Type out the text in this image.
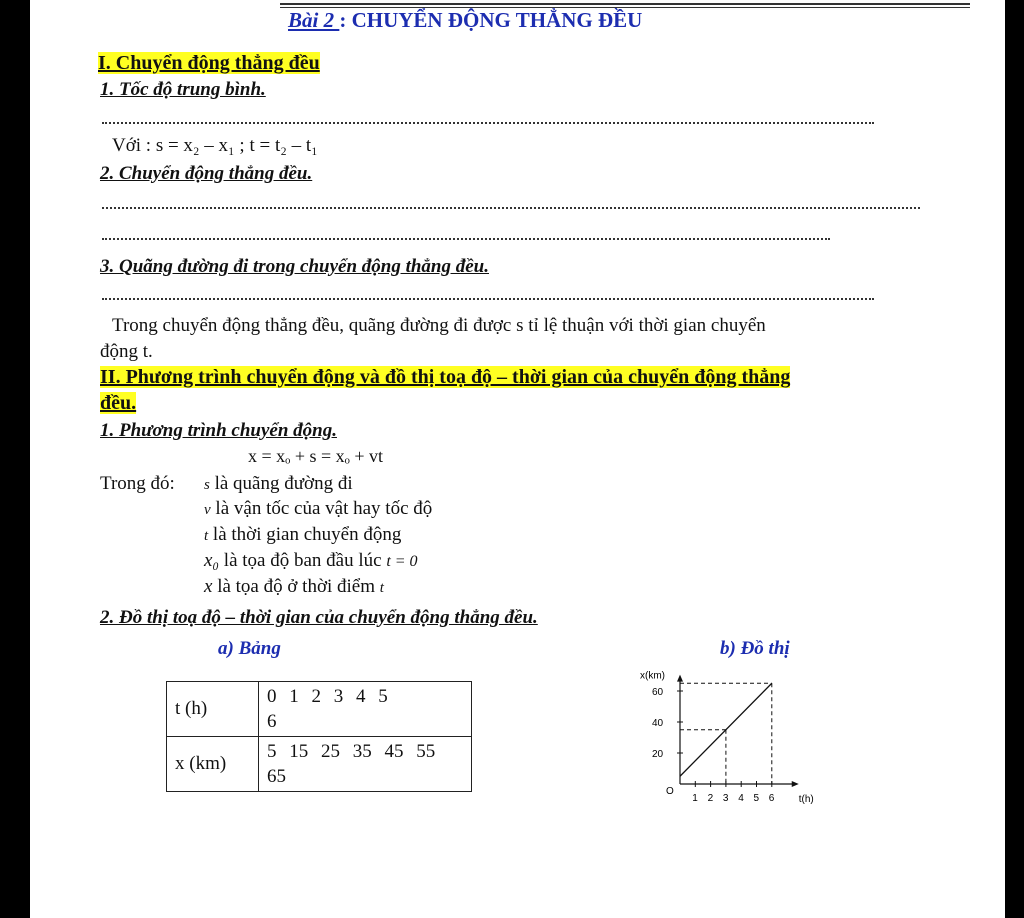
Bài 2 : CHUYỂN ĐỘNG THẲNG ĐỀU
I. Chuyển động thẳng đều
1. Tốc độ trung bình.
Với : s = x₂ – x₁ ; t = t₂ – t₁
2. Chuyển động thẳng đều.
3. Quãng đường đi trong chuyển động thẳng đều.
Trong chuyển động thẳng đều, quãng đường đi được s tỉ lệ thuận với thời gian chuyển
động t.
II. Phương trình chuyển động và đồ thị toạ độ – thời gian của chuyển động thẳng
đều.
1. Phương trình chuyển động.
x = xₒ + s = xₒ + vt
Trong đó: s là quãng đường đi
v là vận tốc của vật hay tốc độ
t là thời gian chuyển động
x₀ là tọa độ ban đầu lúc t = 0
x là tọa độ ở thời điểm t
2. Đồ thị toạ độ – thời gian của chuyển động thẳng đều.
a) Bảng	b) Đồ thị
t (h)	0 1 2 3 4 5
6

x (km)	5 15 25 35 45 55
65
t(h)
x(km)
O
1 2 3 4 5 6
20
40
60
